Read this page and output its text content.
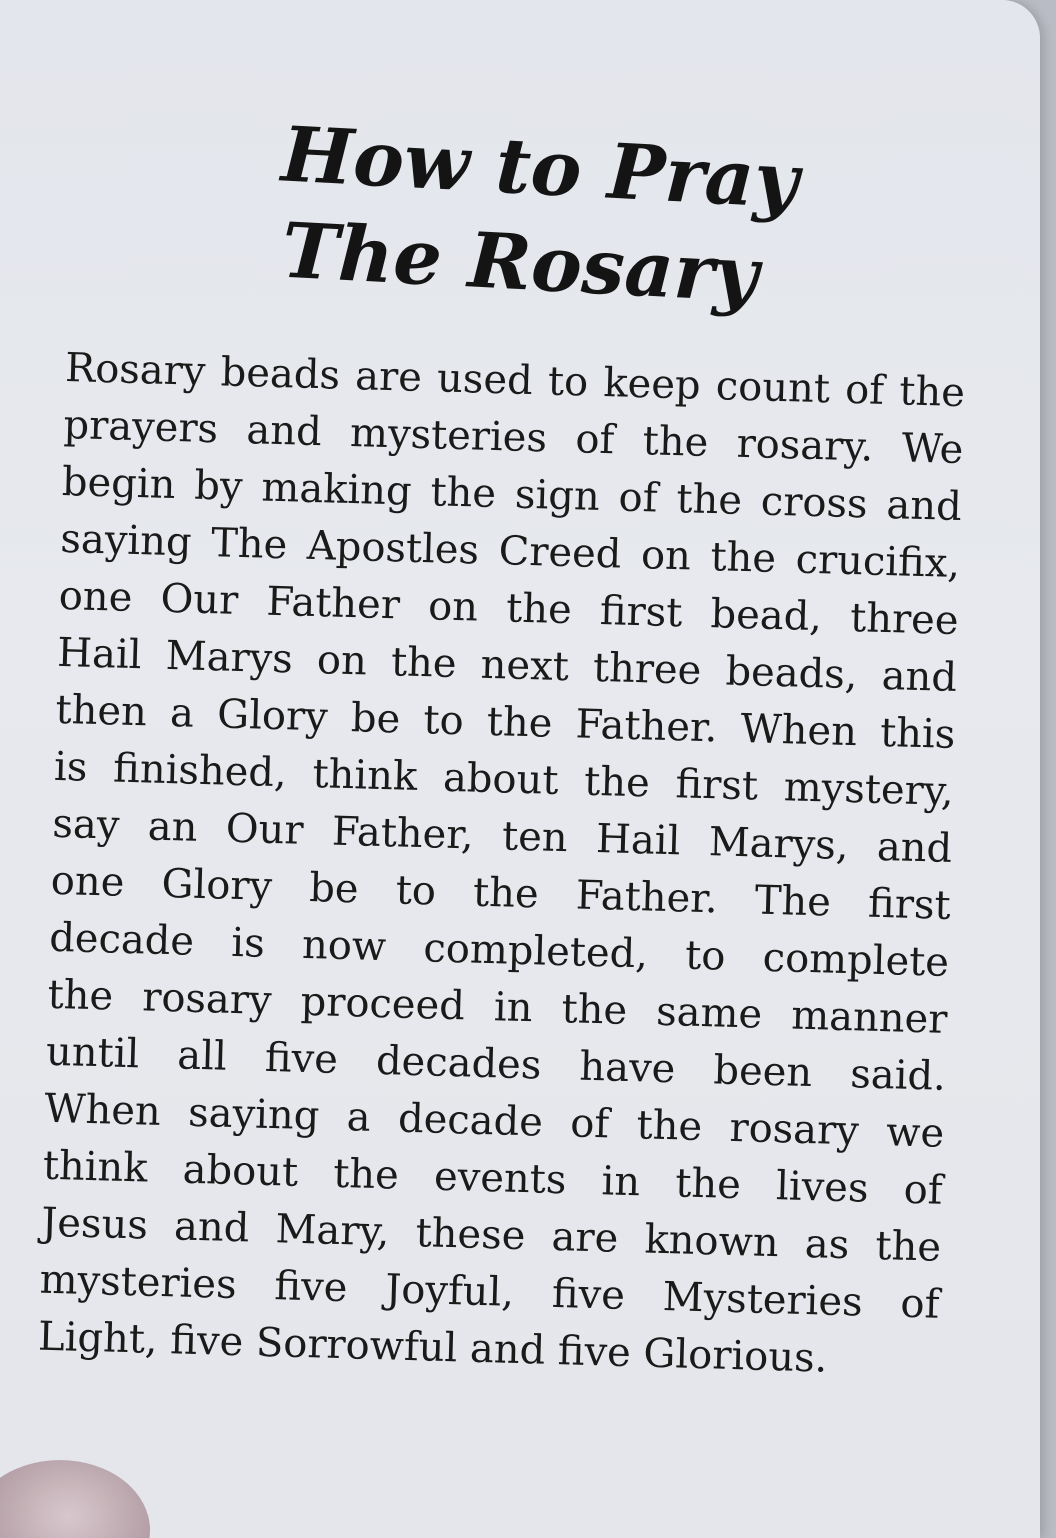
How to Pray
The Rosary
Rosary beads are used to keep count of the
prayers and mysteries of the rosary. We
begin by making the sign of the cross and
saying The Apostles Creed on the crucifix,
one Our Father on the first bead, three
Hail Marys on the next three beads, and
then a Glory be to the Father. When this
is finished, think about the first mystery,
say an Our Father, ten Hail Marys, and
one Glory be to the Father. The first
decade is now completed, to complete
the rosary proceed in the same manner
until all five decades have been said.
When saying a decade of the rosary we
think about the events in the lives of
Jesus and Mary, these are known as the
mysteries five Joyful, five Mysteries of
Light, five Sorrowful and five Glorious.
